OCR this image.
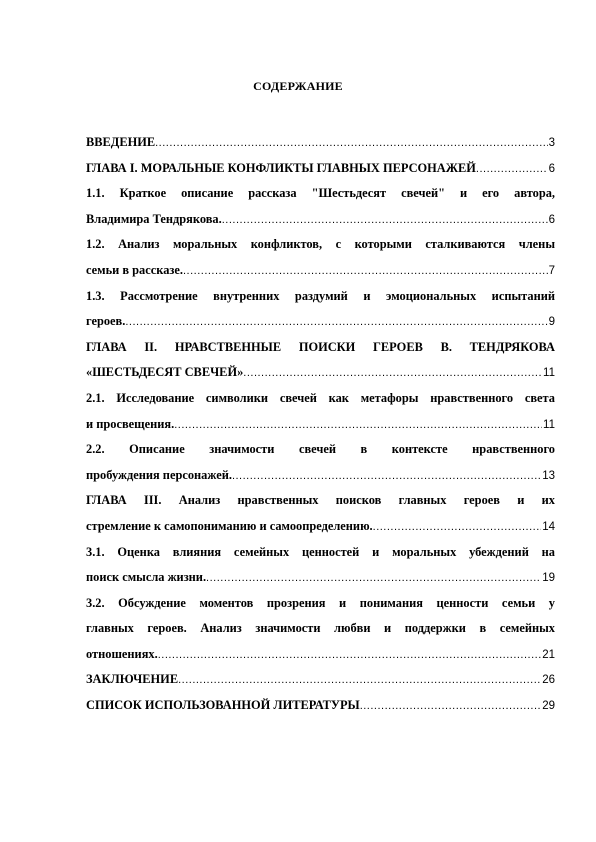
СОДЕРЖАНИЕ
ВВЕДЕНИЕ .....	3
ГЛАВА I. МОРАЛЬНЫЕ КОНФЛИКТЫ ГЛАВНЫХ ПЕРСОНАЖЕЙ .....	6
1.1. Краткое описание рассказа "Шестьдесят свечей" и его автора,
Владимира Тендрякова. .....	6
1.2. Анализ моральных конфликтов, с которыми сталкиваются члены
семьи в рассказе. .....	7
1.3. Рассмотрение внутренних раздумий и эмоциональных испытаний
героев. .....	9
ГЛАВА II. НРАВСТВЕННЫЕ ПОИСКИ ГЕРОЕВ В. ТЕНДРЯКОВА
«ШЕСТЬДЕСЯТ СВЕЧЕЙ» .....	11
2.1. Исследование символики свечей как метафоры нравственного света
и просвещения. .....	11
2.2. Описание значимости свечей в контексте нравственного
пробуждения персонажей. .....	13
ГЛАВА III. Анализ нравственных поисков главных героев и их
стремление к самопониманию и самоопределению. .....	14
3.1. Оценка влияния семейных ценностей и моральных убеждений на
поиск смысла жизни. .....	19
3.2. Обсуждение моментов прозрения и понимания ценности семьи у
главных героев. Анализ значимости любви и поддержки в семейных
отношениях. .....	21
ЗАКЛЮЧЕНИЕ .....	26
СПИСОК ИСПОЛЬЗОВАННОЙ ЛИТЕРАТУРЫ .....	29
